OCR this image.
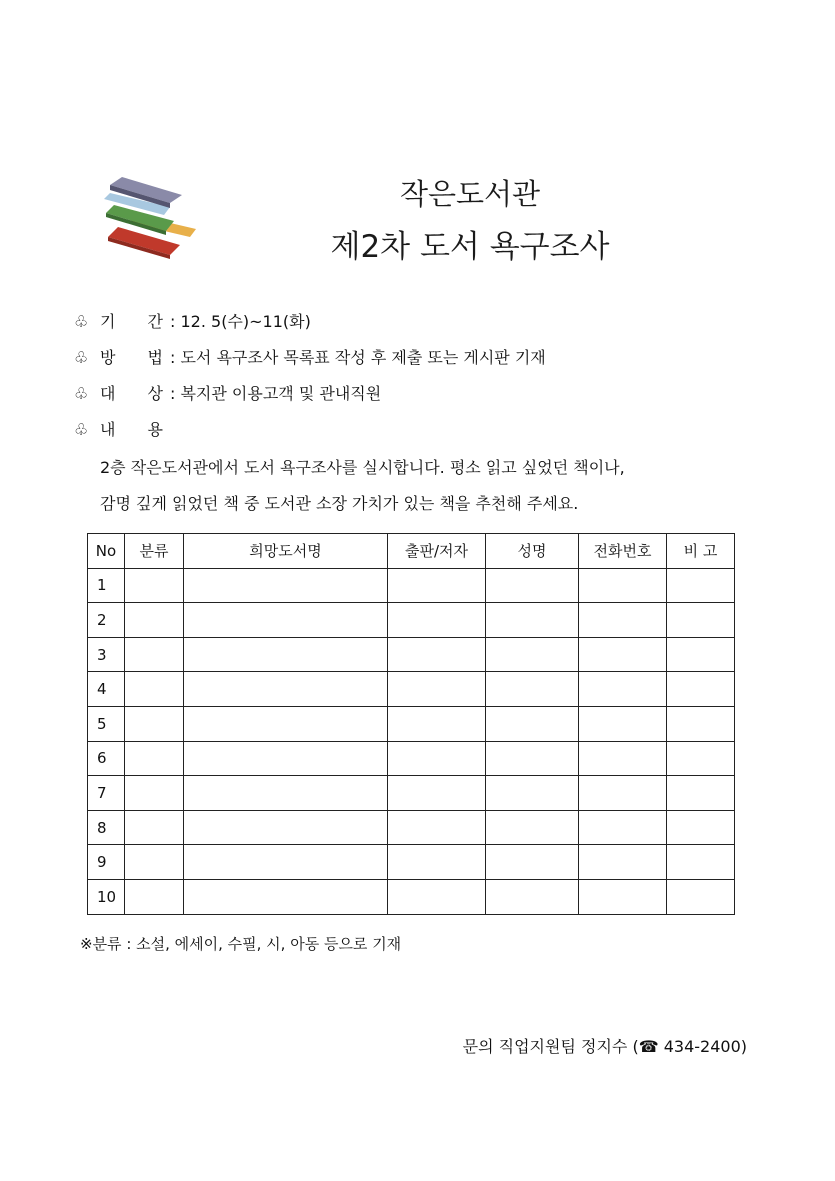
작은도서관
제2차 도서 욕구조사
♧ 기　　간 : 12. 5(수)~11(화)
♧ 방　　법 : 도서 욕구조사 목록표 작성 후 제출 또는 게시판 기재
♧ 대　　상 : 복지관 이용고객 및 관내직원
♧ 내　　용
2층 작은도서관에서 도서 욕구조사를 실시합니다. 평소 읽고 싶었던 책이나,
감명 깊게 읽었던 책 중 도서관 소장 가치가 있는 책을 추천해 주세요.
No	분류	희망도서명	출판/저자	성명	전화번호	비 고
1						
2						
3						
4						
5						
6						
7						
8						
9						
10						
※분류 : 소설, 에세이, 수필, 시, 아동 등으로 기재
문의 직업지원팀 정지수 (☎ 434-2400)
